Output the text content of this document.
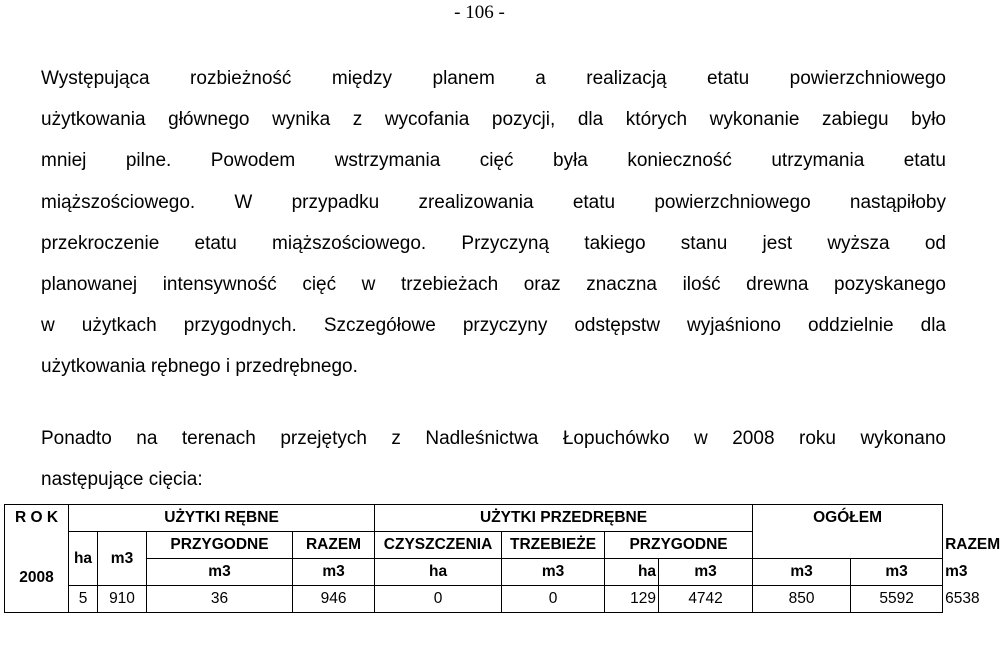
- 106 -

Występująca rozbieżność między planem a realizacją etatu powierzchniowego
użytkowania głównego wynika z wycofania pozycji, dla których wykonanie zabiegu było
mniej pilne. Powodem wstrzymania cięć była konieczność utrzymania etatu
miąższościowego. W przypadku zrealizowania etatu powierzchniowego nastąpiłoby
przekroczenie etatu miąższościowego. Przyczyną takiego stanu jest wyższa od
planowanej intensywność cięć w trzebieżach oraz znaczna ilość drewna pozyskanego
w użytkach przygodnych. Szczegółowe przyczyny odstępstw wyjaśniono oddzielnie dla
użytkowania rębnego i przedrębnego.

Ponadto na terenach przejętych z Nadleśnictwa Łopuchówko w 2008 roku wykonano
następujące cięcia:

R O K	UŻYTKI RĘBNE				UŻYTKI PRZEDRĘBNE				OGÓŁEM		
	ha	m3	PRZYGODNE	RAZEM	CZYSZCZENIA	TRZEBIEŻE	PRZYGODNE				RAZEM
2008			m3	m3	ha	m3	ha	m3	m3	m3	m3
	5	910	36	946	0	0	129	4742	850	5592	6538
